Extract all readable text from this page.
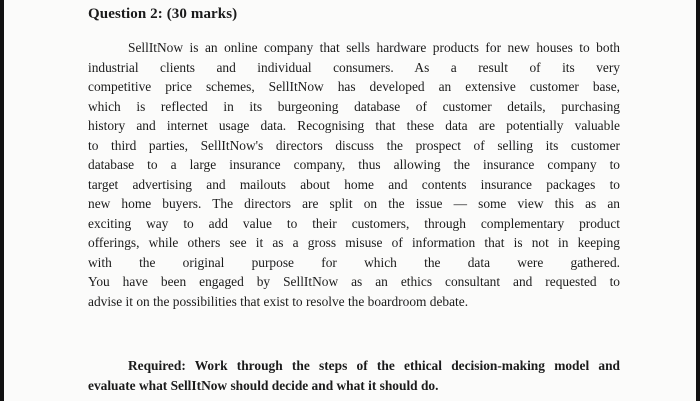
Question 2: (30 marks)
SellItNow is an online company that sells hardware products for new houses to both
industrial clients and individual consumers. As a result of its very
competitive price schemes, SellItNow has developed an extensive customer base,
which is reflected in its burgeoning database of customer details, purchasing
history and internet usage data. Recognising that these data are potentially valuable
to third parties, SellItNow's directors discuss the prospect of selling its customer
database to a large insurance company, thus allowing the insurance company to
target advertising and mailouts about home and contents insurance packages to
new home buyers. The directors are split on the issue — some view this as an
exciting way to add value to their customers, through complementary product
offerings, while others see it as a gross misuse of information that is not in keeping
with the original purpose for which the data were gathered.
You have been engaged by SellItNow as an ethics consultant and requested to
advise it on the possibilities that exist to resolve the boardroom debate.
Required: Work through the steps of the ethical decision-making model and
evaluate what SellItNow should decide and what it should do.
